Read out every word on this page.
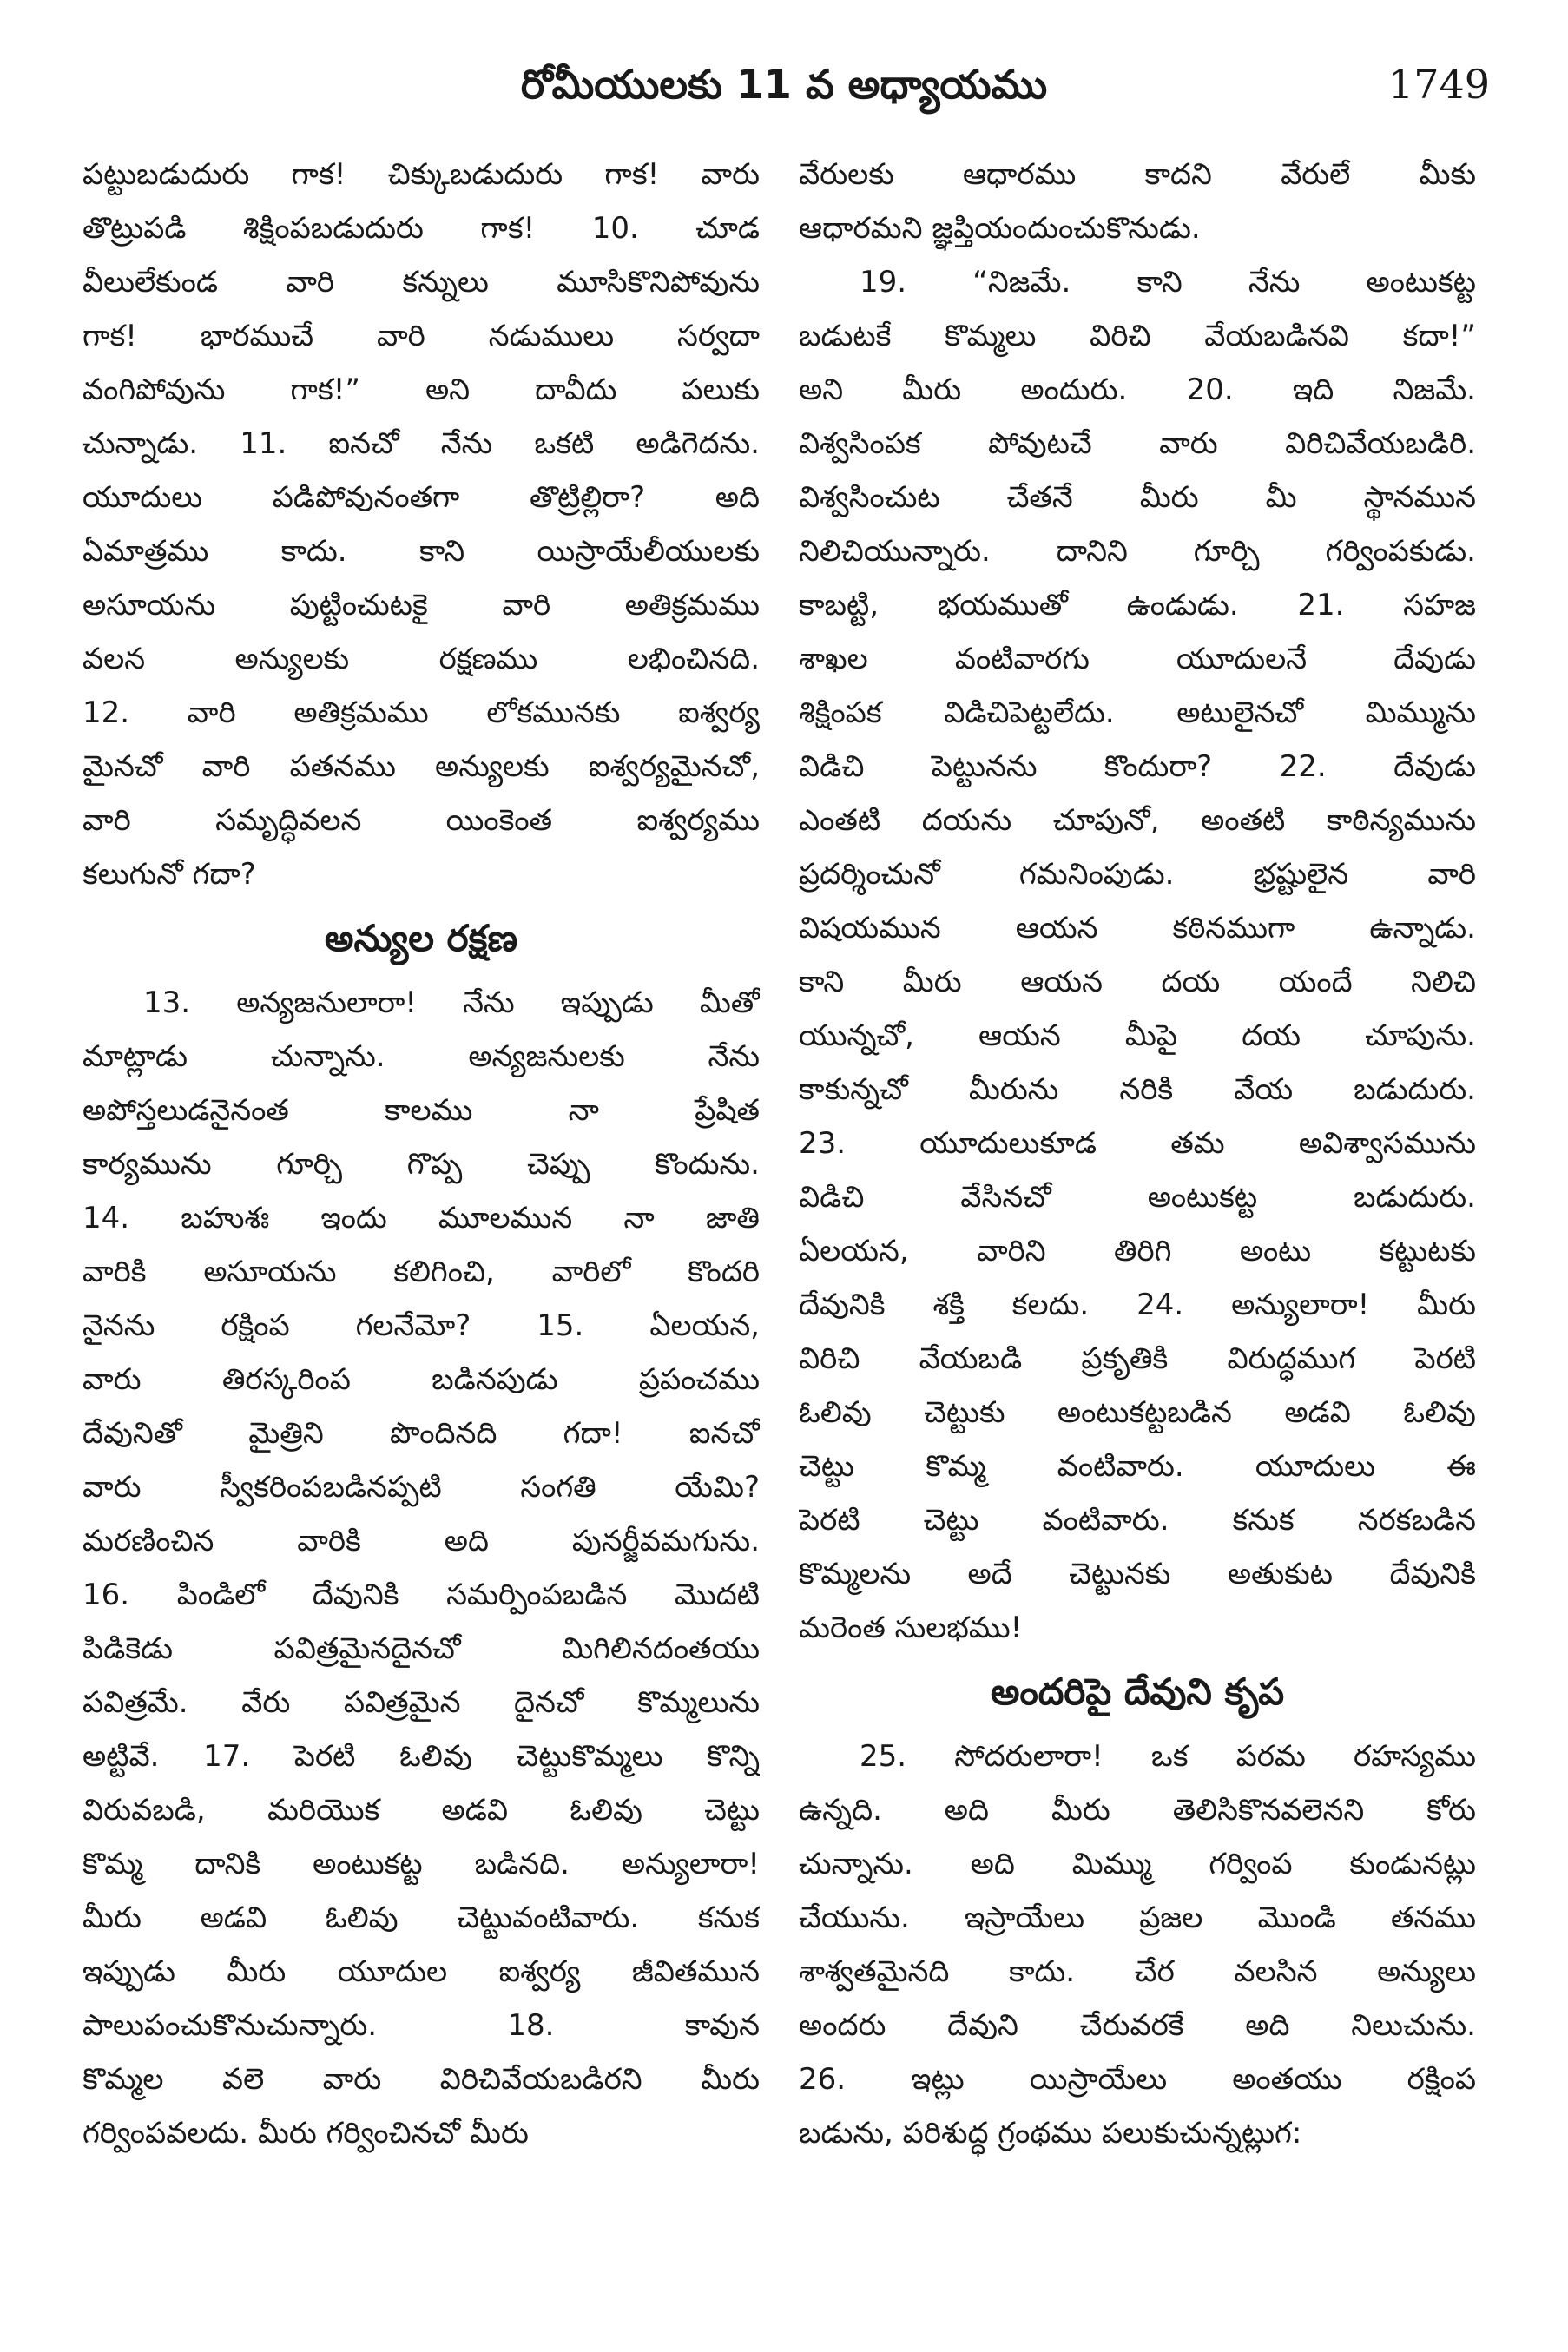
రోమీయులకు 11 వ అధ్యాయము	1749
పట్టుబడుదురు గాక! చిక్కుబడుదురు గాక! వారు
తొట్రుపడి శిక్షింపబడుదురు గాక! 10. చూడ
వీలులేకుండ వారి కన్నులు మూసికొనిపోవును
గాక! భారముచే వారి నడుములు సర్వదా
వంగిపోవును గాక!” అని దావీదు పలుకు
చున్నాడు. 11. ఐనచో నేను ఒకటి అడిగెదను.
యూదులు పడిపోవునంతగా తొట్రిల్లిరా? అది
ఏమాత్రము కాదు. కాని యిస్రాయేలీయులకు
అసూయను పుట్టించుటకై వారి అతిక్రమము
వలన అన్యులకు రక్షణము లభించినది.
12. వారి అతిక్రమము లోకమునకు ఐశ్వర్య
మైనచో వారి పతనము అన్యులకు ఐశ్వర్యమైనచో,
వారి సమృద్ధివలన యింకెంత ఐశ్వర్యము
కలుగునో గదా?
అన్యుల రక్షణ
13. అన్యజనులారా! నేను ఇప్పుడు మీతో
మాట్లాడు చున్నాను. అన్యజనులకు నేను
అపోస్తలుడనైనంత కాలము నా ప్రేషిత
కార్యమును గూర్చి గొప్ప చెప్పు కొందును.
14. బహుశః ఇందు మూలమున నా జాతి
వారికి అసూయను కలిగించి, వారిలో కొందరి
నైనను రక్షింప గలనేమో? 15. ఏలయన,
వారు తిరస్కరింప బడినపుడు ప్రపంచము
దేవునితో మైత్రిని పొందినది గదా! ఐనచో
వారు స్వీకరింపబడినప్పటి సంగతి యేమి?
మరణించిన వారికి అది పునర్జీవమగును.
16. పిండిలో దేవునికి సమర్పింపబడిన మొదటి
పిడికెడు పవిత్రమైనదైనచో మిగిలినదంతయు
పవిత్రమే. వేరు పవిత్రమైన దైనచో కొమ్మలును
అట్టివే. 17. పెరటి ఓలివు చెట్టుకొమ్మలు కొన్ని
విరువబడి, మరియొక అడవి ఓలివు చెట్టు
కొమ్మ దానికి అంటుకట్ట బడినది. అన్యులారా!
మీరు అడవి ఓలివు చెట్టువంటివారు. కనుక
ఇప్పుడు మీరు యూదుల ఐశ్వర్య జీవితమున
పాలుపంచుకొనుచున్నారు. 18. కావున
కొమ్మల వలె వారు విరిచివేయబడిరని మీరు
గర్వింపవలదు. మీరు గర్వించినచో మీరు
వేరులకు ఆధారము కాదని వేరులే మీకు
ఆధారమని జ్ఞప్తియందుంచుకొనుడు.
19. “నిజమే. కాని నేను అంటుకట్ట
బడుటకే కొమ్మలు విరిచి వేయబడినవి కదా!”
అని మీరు అందురు. 20. ఇది నిజమే.
విశ్వసింపక పోవుటచే వారు విరిచివేయబడిరి.
విశ్వసించుట చేతనే మీరు మీ స్థానమున
నిలిచియున్నారు. దానిని గూర్చి గర్వింపకుడు.
కాబట్టి, భయముతో ఉండుడు. 21. సహజ
శాఖల వంటివారగు యూదులనే దేవుడు
శిక్షింపక విడిచిపెట్టలేదు. అటులైనచో మిమ్మును
విడిచి పెట్టునను కొందురా? 22. దేవుడు
ఎంతటి దయను చూపునో, అంతటి కాఠిన్యమును
ప్రదర్శించునో గమనింపుడు. భ్రష్టులైన వారి
విషయమున ఆయన కఠినముగా ఉన్నాడు.
కాని మీరు ఆయన దయ యందే నిలిచి
యున్నచో, ఆయన మీపై దయ చూపును.
కాకున్నచో మీరును నరికి వేయ బడుదురు.
23. యూదులుకూడ తమ అవిశ్వాసమును
విడిచి వేసినచో అంటుకట్ట బడుదురు.
ఏలయన, వారిని తిరిగి అంటు కట్టుటకు
దేవునికి శక్తి కలదు. 24. అన్యులారా! మీరు
విరిచి వేయబడి ప్రకృతికి విరుద్ధముగ పెరటి
ఓలివు చెట్టుకు అంటుకట్టబడిన అడవి ఓలివు
చెట్టు కొమ్మ వంటివారు. యూదులు ఈ
పెరటి చెట్టు వంటివారు. కనుక నరకబడిన
కొమ్మలను అదే చెట్టునకు అతుకుట దేవునికి
మరెంత సులభము!
అందరిపై దేవుని కృప
25. సోదరులారా! ఒక పరమ రహస్యము
ఉన్నది. అది మీరు తెలిసికొనవలెనని కోరు
చున్నాను. అది మిమ్ము గర్వింప కుండునట్లు
చేయును. ఇస్రాయేలు ప్రజల మొండి తనము
శాశ్వతమైనది కాదు. చేర వలసిన అన్యులు
అందరు దేవుని చేరువరకే అది నిలుచును.
26. ఇట్లు యిస్రాయేలు అంతయు రక్షింప
బడును, పరిశుద్ధ గ్రంథము పలుకుచున్నట్లుగ:
